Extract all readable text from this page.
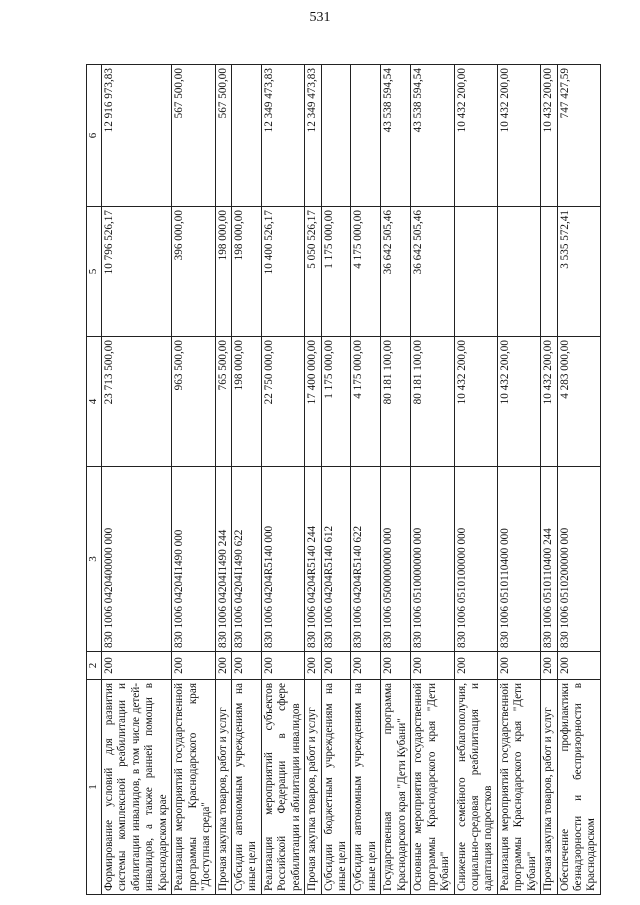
531
1	2	3	4	5	6
Формирование условий для развития системы комплексной реабилитации и абилитации инвалидов, в том числе детей-инвалидов, а также ранней помощи в Краснодарском крае	200	830 1006 0420400000 000	23 713 500,00	10 796 526,17	12 916 973,83
Реализация мероприятий государственной программы Краснодарского края "Доступная среда"	200	830 1006 04204I1490 000	963 500,00	396 000,00	567 500,00
Прочая закупка товаров, работ и услуг	200	830 1006 04204I1490 244	765 500,00	198 000,00	567 500,00
Субсидии автономным учреждениям на иные цели	200	830 1006 04204I1490 622	198 000,00	198 000,00	
Реализация мероприятий субъектов Российской Федерации в сфере реабилитации и абилитации инвалидов	200	830 1006 04204R5140 000	22 750 000,00	10 400 526,17	12 349 473,83
Прочая закупка товаров, работ и услуг	200	830 1006 04204R5140 244	17 400 000,00	5 050 526,17	12 349 473,83
Субсидии бюджетным учреждениям на иные цели	200	830 1006 04204R5140 612	1 175 000,00	1 175 000,00	
Субсидии автономным учреждениям на иные цели	200	830 1006 04204R5140 622	4 175 000,00	4 175 000,00	
Государственная программа Краснодарского края "Дети Кубани"	200	830 1006 0500000000 000	80 181 100,00	36 642 505,46	43 538 594,54
Основные мероприятия государственной программы Краснодарского края "Дети Кубани"	200	830 1006 0510000000 000	80 181 100,00	36 642 505,46	43 538 594,54
Снижение семейного неблагополучия, социально-средовая реабилитация и адаптация подростков	200	830 1006 0510100000 000	10 432 200,00		10 432 200,00
Реализация мероприятий государственной программы Краснодарского края "Дети Кубани"	200	830 1006 0510110400 000	10 432 200,00		10 432 200,00
Прочая закупка товаров, работ и услуг	200	830 1006 0510110400 244	10 432 200,00		10 432 200,00
Обеспечение профилактики безнадзорности и беспризорности в Краснодарском	200	830 1006 0510200000 000	4 283 000,00	3 535 572,41	747 427,59
